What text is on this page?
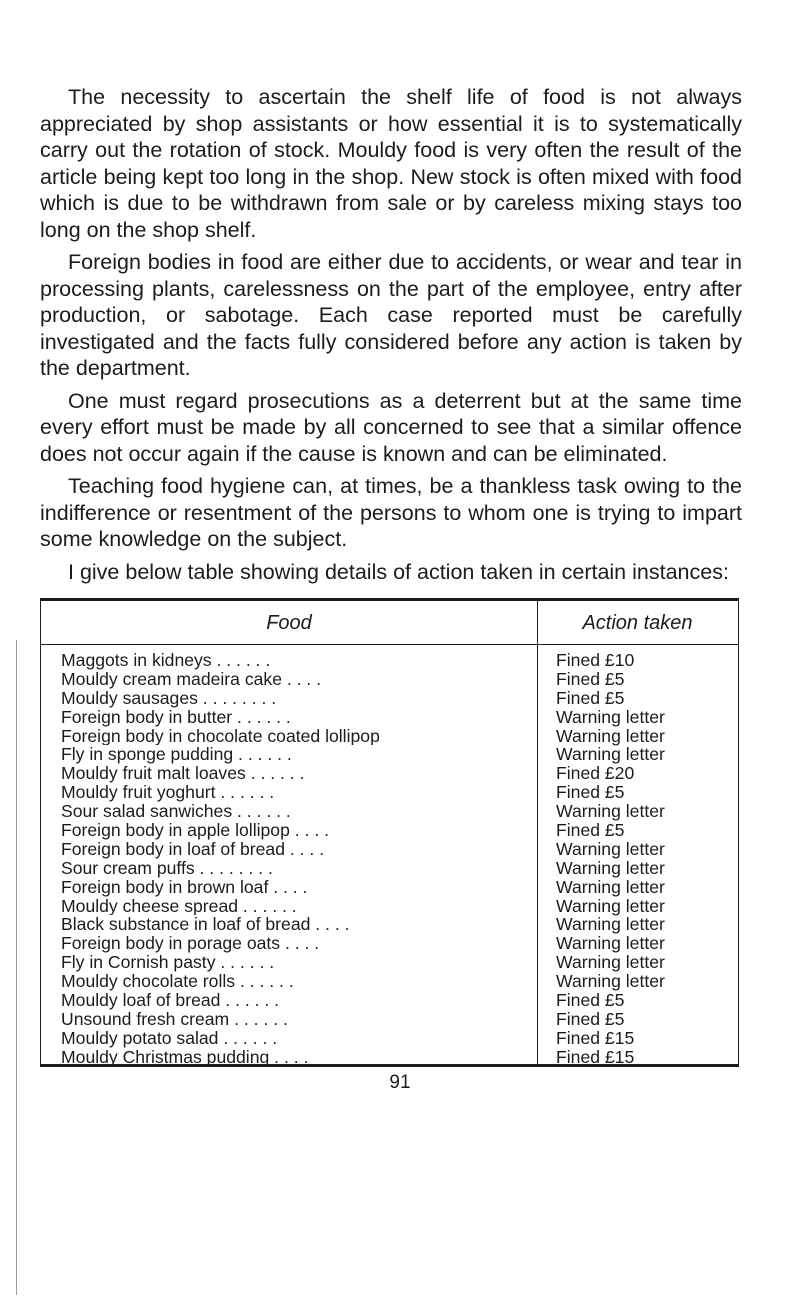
The necessity to ascertain the shelf life of food is not always appreciated by shop assistants or how essential it is to systematically carry out the rotation of stock. Mouldy food is very often the result of the article being kept too long in the shop. New stock is often mixed with food which is due to be withdrawn from sale or by careless mixing stays too long on the shop shelf.

Foreign bodies in food are either due to accidents, or wear and tear in processing plants, carelessness on the part of the employee, entry after production, or sabotage. Each case reported must be carefully investigated and the facts fully considered before any action is taken by the department.

One must regard prosecutions as a deterrent but at the same time every effort must be made by all concerned to see that a similar offence does not occur again if the cause is known and can be eliminated.

Teaching food hygiene can, at times, be a thankless task owing to the indifference or resentment of the persons to whom one is trying to impart some knowledge on the subject.

I give below table showing details of action taken in certain instances:

Food	Action taken
Maggots in kidneys . . . . . .	Fined £10
Mouldy cream madeira cake . . . .	Fined £5
Mouldy sausages . . . . . . . .	Fined £5
Foreign body in butter . . . . . .	Warning letter
Foreign body in chocolate coated lollipop	Warning letter
Fly in sponge pudding . . . . . .	Warning letter
Mouldy fruit malt loaves . . . . . .	Fined £20
Mouldy fruit yoghurt . . . . . .	Fined £5
Sour salad sanwiches . . . . . .	Warning letter
Foreign body in apple lollipop . . . .	Fined £5
Foreign body in loaf of bread . . . .	Warning letter
Sour cream puffs . . . . . . . .	Warning letter
Foreign body in brown loaf . . . .	Warning letter
Mouldy cheese spread . . . . . .	Warning letter
Black substance in loaf of bread . . . .	Warning letter
Foreign body in porage oats . . . .	Warning letter
Fly in Cornish pasty . . . . . .	Warning letter
Mouldy chocolate rolls . . . . . .	Warning letter
Mouldy loaf of bread . . . . . .	Fined £5
Unsound fresh cream . . . . . .	Fined £5
Mouldy potato salad . . . . . .	Fined £15
Mouldy Christmas pudding . . . .	Fined £15
91
